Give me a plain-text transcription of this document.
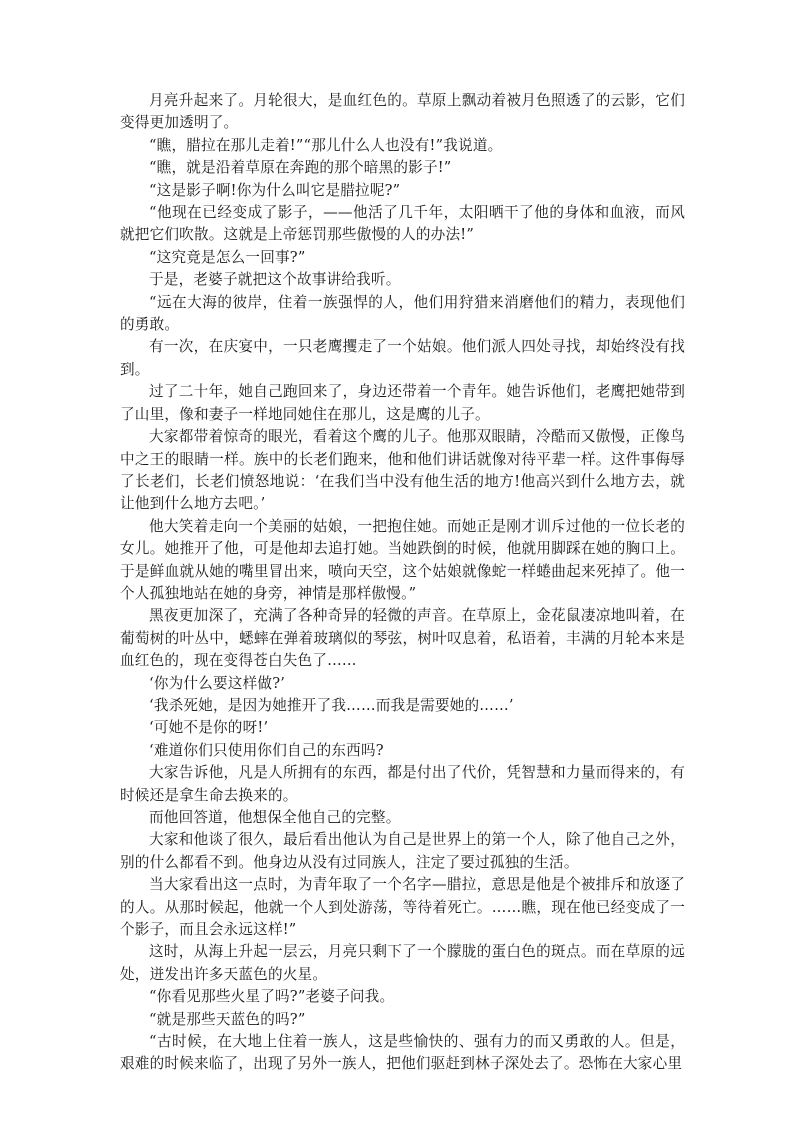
月亮升起来了。月轮很大，是血红色的。草原上飘动着被月色照透了的云影，它们变得更加透明了。

“瞧，腊拉在那儿走着!”“那儿什么人也没有!”我说道。

“瞧，就是沿着草原在奔跑的那个暗黑的影子!”

“这是影子啊!你为什么叫它是腊拉呢?”

“他现在已经变成了影子，——他活了几千年，太阳晒干了他的身体和血液，而风就把它们吹散。这就是上帝惩罚那些傲慢的人的办法!”

“这究竟是怎么一回事?”

于是，老婆子就把这个故事讲给我听。

“远在大海的彼岸，住着一族强悍的人，他们用狩猎来消磨他们的精力，表现他们的勇敢。

有一次，在庆宴中，一只老鹰攫走了一个姑娘。他们派人四处寻找，却始终没有找到。

过了二十年，她自己跑回来了，身边还带着一个青年。她告诉他们，老鹰把她带到了山里，像和妻子一样地同她住在那儿，这是鹰的儿子。

大家都带着惊奇的眼光，看着这个鹰的儿子。他那双眼睛，冷酷而又傲慢，正像鸟中之王的眼睛一样。族中的长老们跑来，他和他们讲话就像对待平辈一样。这件事侮辱了长老们，长老们愤怒地说：‘在我们当中没有他生活的地方!他高兴到什么地方去，就让他到什么地方去吧。’

他大笑着走向一个美丽的姑娘，一把抱住她。而她正是刚才训斥过他的一位长老的女儿。她推开了他，可是他却去追打她。当她跌倒的时候，他就用脚踩在她的胸口上。于是鲜血就从她的嘴里冒出来，喷向天空，这个姑娘就像蛇一样蜷曲起来死掉了。他一个人孤独地站在她的身旁，神情是那样傲慢。”

黑夜更加深了，充满了各种奇异的轻微的声音。在草原上，金花鼠凄凉地叫着，在葡萄树的叶丛中，蟋蟀在弹着玻璃似的琴弦，树叶叹息着，私语着，丰满的月轮本来是血红色的，现在变得苍白失色了……

‘你为什么要这样做?’

‘我杀死她，是因为她推开了我……而我是需要她的……’

‘可她不是你的呀!’

‘难道你们只使用你们自己的东西吗?

大家告诉他，凡是人所拥有的东西，都是付出了代价，凭智慧和力量而得来的，有时候还是拿生命去换来的。

而他回答道，他想保全他自己的完整。

大家和他谈了很久，最后看出他认为自己是世界上的第一个人，除了他自己之外，别的什么都看不到。他身边从没有过同族人，注定了要过孤独的生活。

当大家看出这一点时，为青年取了一个名字—腊拉，意思是他是个被排斥和放逐了的人。从那时候起，他就一个人到处游荡，等待着死亡。……瞧，现在他已经变成了一个影子，而且会永远这样!”

这时，从海上升起一层云，月亮只剩下了一个朦胧的蛋白色的斑点。而在草原的远处，迸发出许多天蓝色的火星。

“你看见那些火星了吗?”老婆子问我。

“就是那些天蓝色的吗?”

“古时候，在大地上住着一族人，这是些愉快的、强有力的而又勇敢的人。但是，艰难的时候来临了，出现了另外一族人，把他们驱赶到林子深处去了。恐怖在大家心里
